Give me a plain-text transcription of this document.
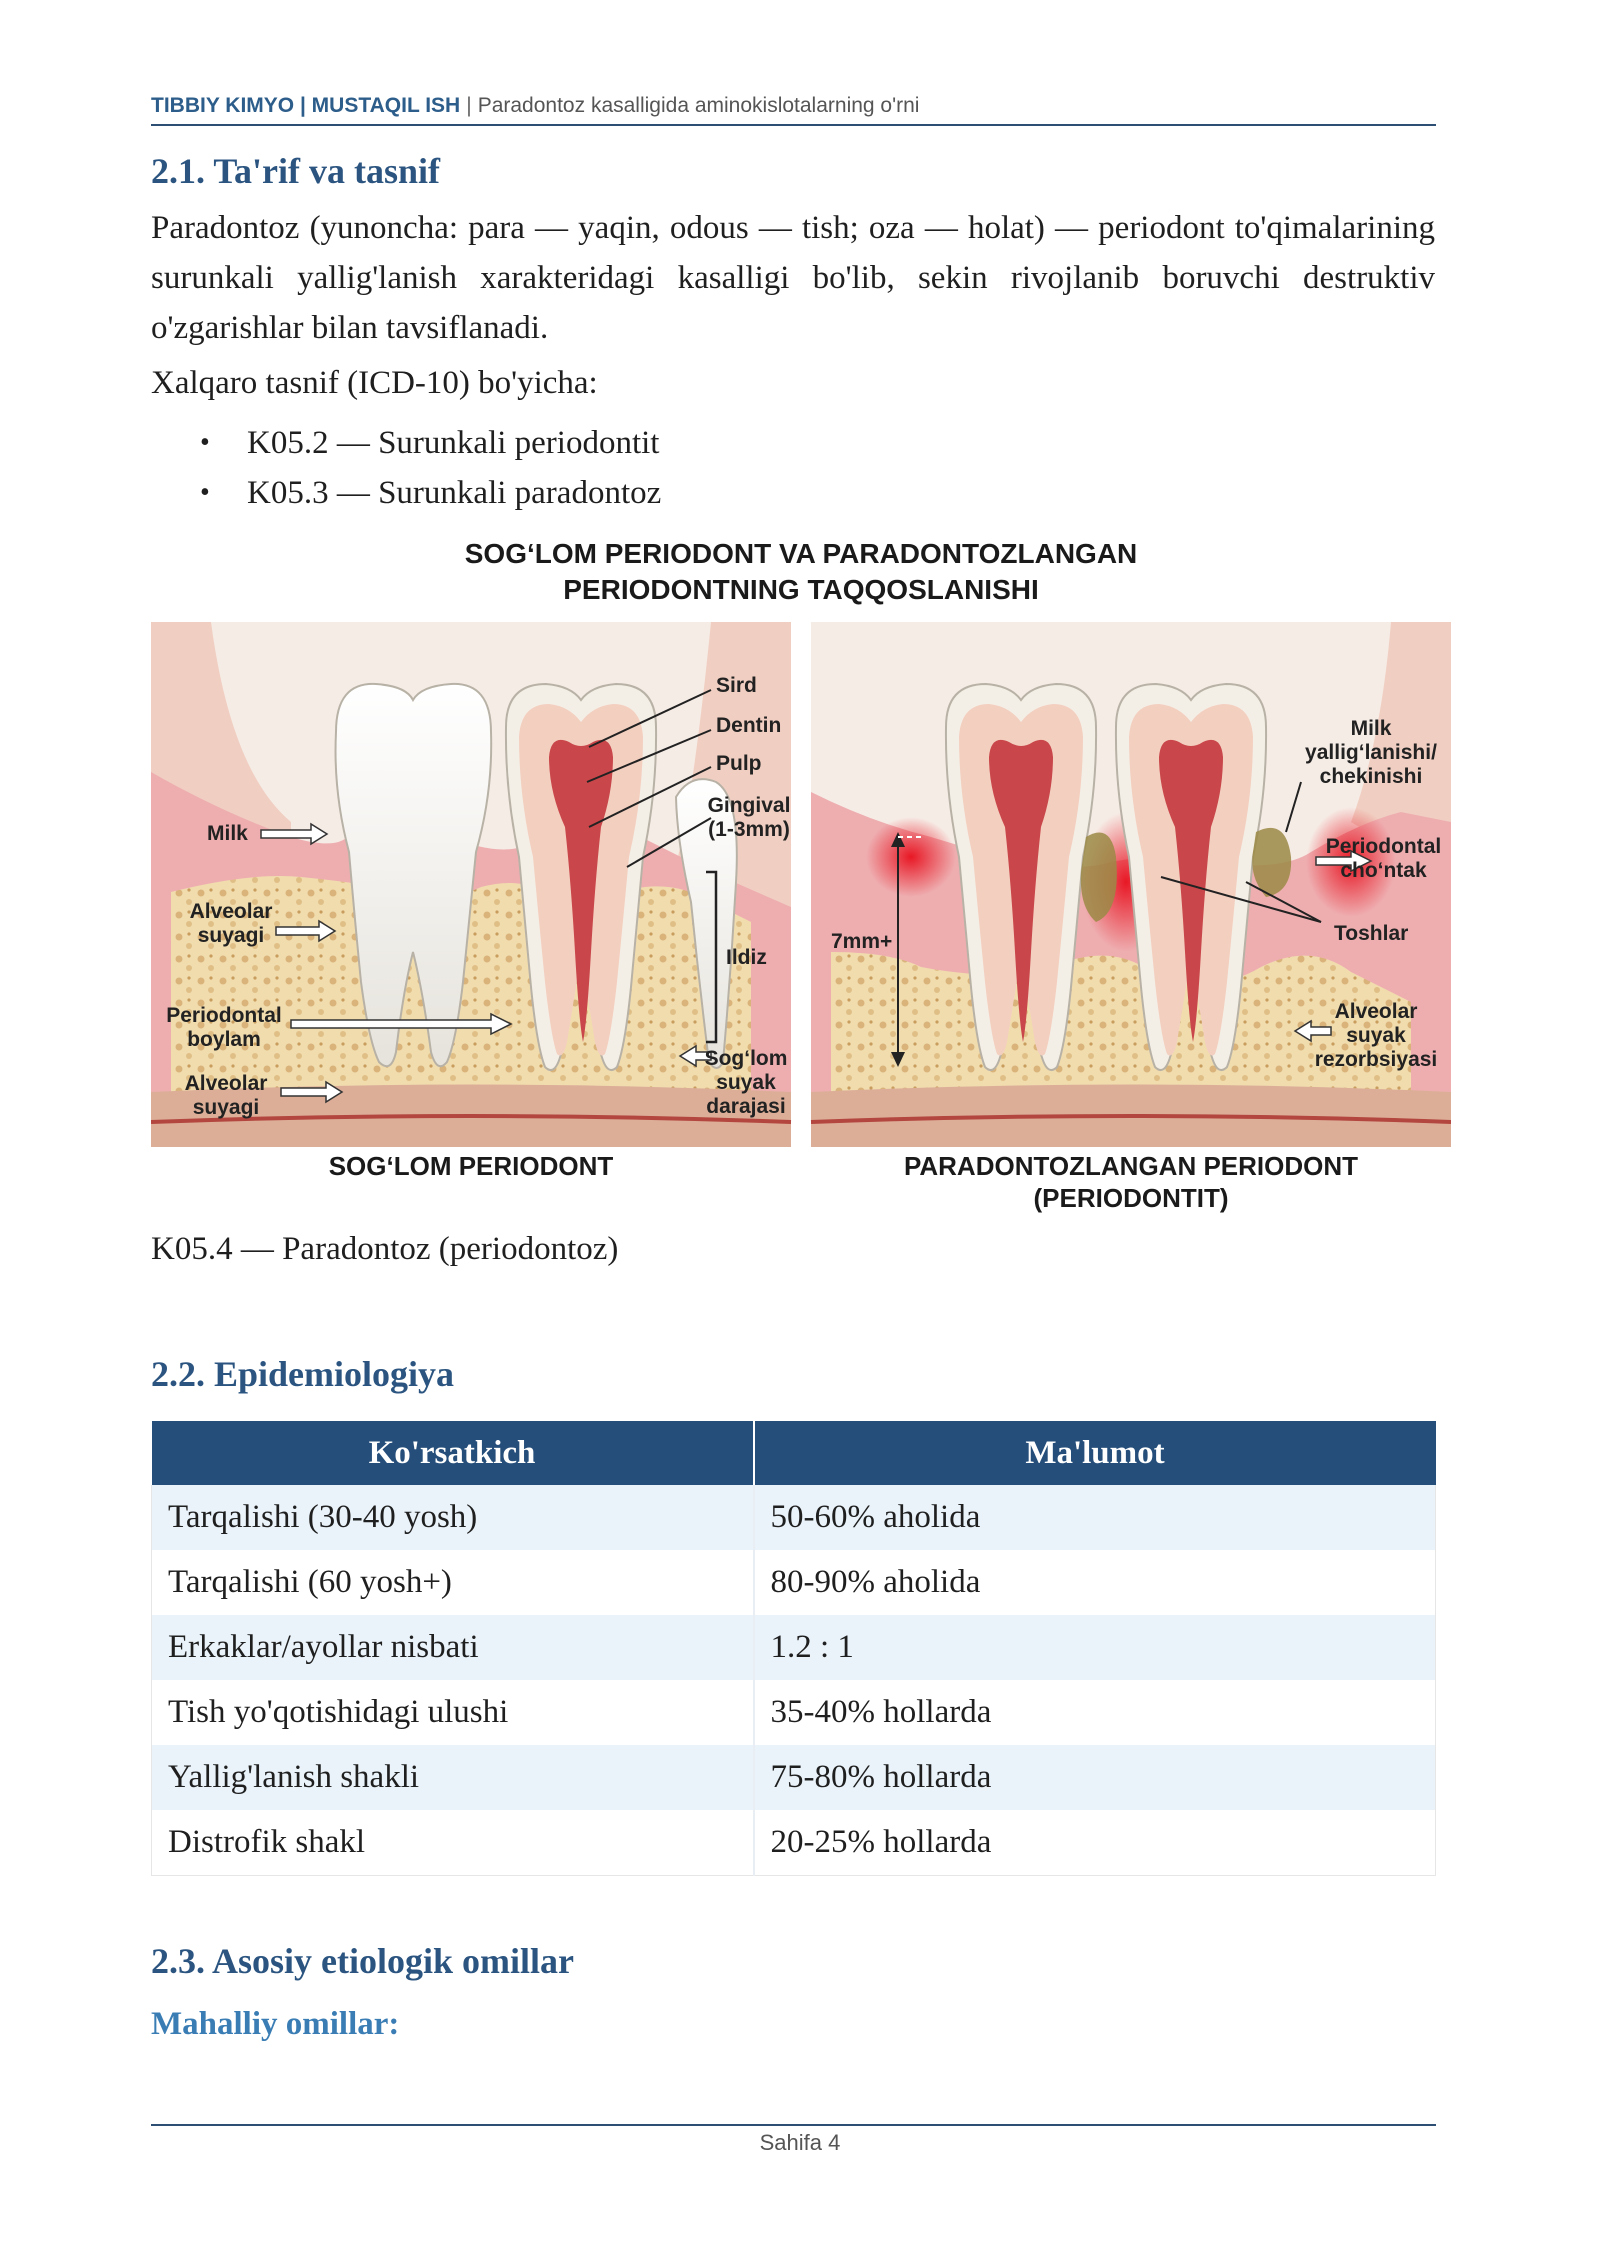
TIBBIY KIMYO | MUSTAQIL ISH | Paradontoz kasalligida aminokislotalarning o'rni
2.1. Ta'rif va tasnif

Paradontoz (yunoncha: para — yaqin, odous — tish; oza — holat) — periodont to'qimalarining surunkali yallig'lanish xarakteridagi kasalligi bo'lib, sekin rivojlanib boruvchi destruktiv o'zgarishlar bilan tavsiflanadi.

Xalqaro tasnif (ICD-10) bo'yicha:

• K05.2 — Surunkali periodontit
• K05.3 — Surunkali paradontoz
SOG‘LOM PERIODONT VA PARADONTOZLANGAN
PERIODONTNING TAQQOSLANISHI
Sird
Dentin
Pulp
Gingival
(1-3mm)
Milk
Alveolar
suyagi
Periodontal
boylam
Alveolar
suyagi
Ildiz
Sog‘lom
suyak
darajasi
7mm+
Milk
yallig‘lanishi/
chekinishi
Periodontal
cho‘ntak
Toshlar
Alveolar
suyak
rezorbsiyasi
SOG‘LOM PERIODONT	PARADONTOZLANGAN PERIODONT
(PERIODONTIT)

K05.4 — Paradontoz (periodontoz)

2.2. Epidemiologiya
Ko'rsatkich	Ma'lumot
Tarqalishi (30-40 yosh)	50-60% aholida
Tarqalishi (60 yosh+)	80-90% aholida
Erkaklar/ayollar nisbati	1.2 : 1
Tish yo'qotishidagi ulushi	35-40% hollarda
Yallig'lanish shakli	75-80% hollarda
Distrofik shakl	20-25% hollarda
2.3. Asosiy etiologik omillar
Mahalliy omillar:
Sahifa 4
